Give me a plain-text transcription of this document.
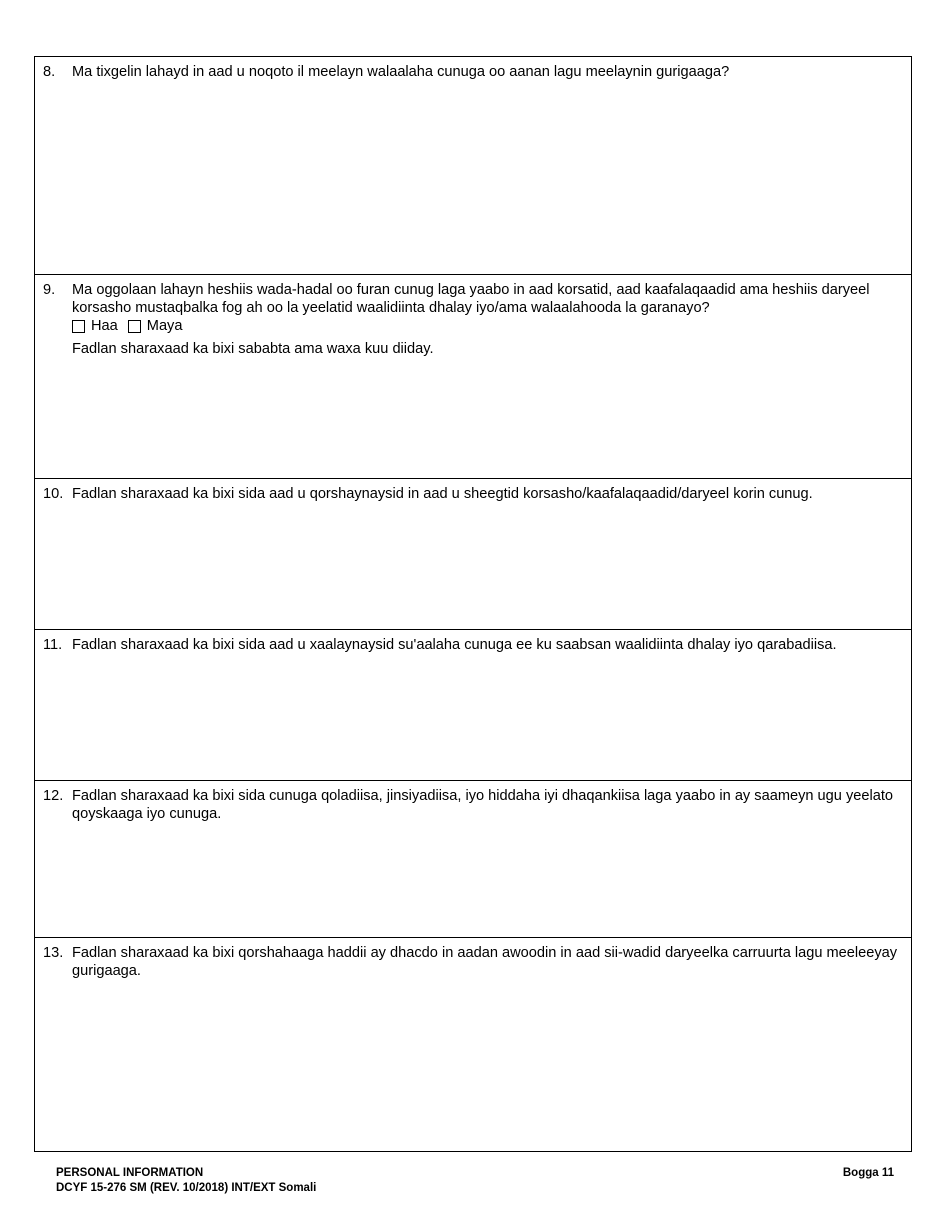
8.	Ma tixgelin lahayd in aad u noqoto il meelayn walaalaha cunuga oo aanan lagu meelaynin gurigaaga?
9.	Ma oggolaan lahayn heshiis wada-hadal oo furan cunug laga yaabo in aad korsatid, aad kaafalaqaadid ama heshiis daryeel korsasho mustaqbalka fog ah oo la yeelatid waalidiinta dhalay iyo/ama walaalahooda la garanayo?
Haa Maya
Fadlan sharaxaad ka bixi sababta ama waxa kuu diiday.
10. Fadlan sharaxaad ka bixi sida aad u qorshaynaysid in aad u sheegtid korsasho/kaafalaqaadid/daryeel korin cunug.
11. Fadlan sharaxaad ka bixi sida aad u xaalaynaysid su'aalaha cunuga ee ku saabsan waalidiinta dhalay iyo qarabadiisa.
12. Fadlan sharaxaad ka bixi sida cunuga qoladiisa, jinsiyadiisa, iyo hiddaha iyi dhaqankiisa laga yaabo in ay saameyn ugu yeelato qoyskaaga iyo cunuga.
13. Fadlan sharaxaad ka bixi qorshahaaga haddii ay dhacdo in aadan awoodin in aad sii-wadid daryeelka carruurta lagu meeleeyay gurigaaga.
PERSONAL INFORMATION
DCYF 15-276 SM (REV. 10/2018) INT/EXT Somali
Bogga 11
